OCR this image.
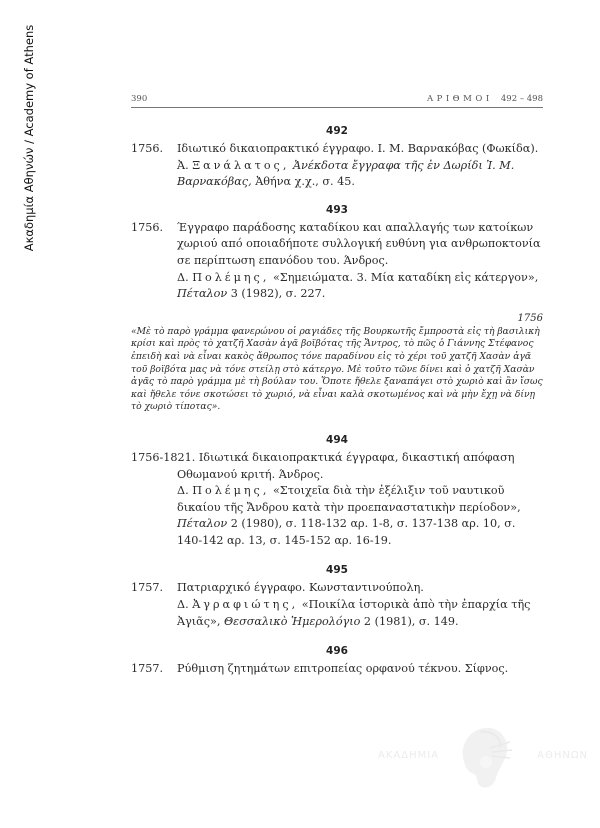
Ακαδημία Αθηνών / Academy of Athens	390	ΑΡΙΘΜΟΙ 492 – 498

492

1756. Ιδιωτικό δικαιοπρακτικό έγγραφο. Ι. Μ. Βαρνακόβας (Φωκίδα).
Ἀ. Ξανάλατος, Ἀνέκδοτα ἔγγραφα τῆς ἐν Δωρίδι Ἰ. Μ. Βαρνακόβας, Ἀθήνα χ.χ., σ. 45.

493

1756. Έγγραφο παράδοσης καταδίκου και απαλλαγής των κατοίκων χωριού από οποιαδήποτε συλλογική ευθύνη για ανθρωποκτονία σε περίπτωση επανόδου του. Άνδρος.
Δ. Πολέμης, «Σημειώματα. 3. Μία καταδίκη εἰς κάτεργον», Πέταλον 3 (1982), σ. 227.
1756
«Μὲ τὸ παρὸ γράμμα φανερώνου οἱ ραγιάδες τῆς Βουρκωτῆς ἔμπροστὰ εἰς τὴ βασιλικὴ κρίσι καὶ πρὸς τὸ χατζῆ Χασὰν ἀγᾶ βοϊβότας τῆς Ἄντρος, τὸ πῶς ὁ Γιάννης Στέφανος ἐπειδὴ καὶ νὰ εἶναι κακὸς ἄθρωπος τόνε παραδίνου εἰς τὸ χέρι τοῦ χατζῆ Χασὰν ἀγᾶ τοῦ βοϊβότα μας νὰ τόνε στείλῃ στὸ κάτεργο. Μὲ τοῦτο τῶνε δίνει καὶ ὁ χατζῆ Χασὰν ἀγᾶς τὸ παρὸ γράμμα μὲ τὴ βούλαν του. Ὅποτε ἤθελε ξαναπάγει στὸ χωριὸ καὶ ἂν ἴσως καὶ ἤθελε τόνε σκοτώσει τὸ χωριό, νὰ εἶναι καλὰ σκοτωμένος καὶ νὰ μὴν ἔχῃ νὰ δίνῃ τὸ χωριὸ τίποτας».

494

1756-1821. Ιδιωτικά δικαιοπρακτικά έγγραφα, δικαστική απόφαση Οθωμανού κριτή. Άνδρος.
Δ. Πολέμης, «Στοιχεῖα διὰ τὴν ἐξέλιξιν τοῦ ναυτικοῦ δικαίου τῆς Ἄνδρου κατὰ τὴν προεπαναστατικὴν περίοδον», Πέταλον 2 (1980), σ. 118-132 αρ. 1-8, σ. 137-138 αρ. 10, σ. 140-142 αρ. 13, σ. 145-152 αρ. 16-19.

495

1757. Πατριαρχικό έγγραφο. Κωνσταντινούπολη.
Δ. Ἀγραφιώτης, «Ποικίλα ἱστορικὰ ἀπὸ τὴν ἐπαρχία τῆς Ἀγιᾶς», Θεσσαλικὸ Ἡμερολόγιο 2 (1981), σ. 149.

496

1757. Ρύθμιση ζητημάτων επιτροπείας ορφανού τέκνου. Σίφνος.
ΑΚΑΔΗΜΙΑ	ΑΘΗΝΩΝ
